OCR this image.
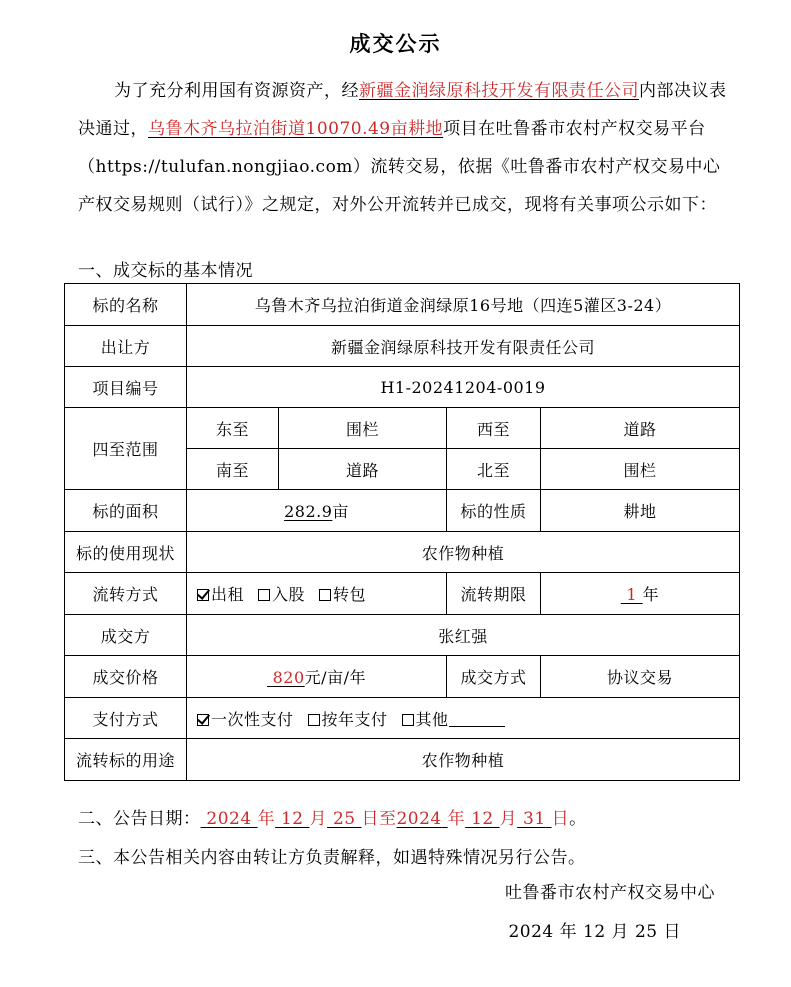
成交公示
为了充分利用国有资源资产，经新疆金润绿原科技开发有限责任公司内部决议表决通过，乌鲁木齐乌拉泊街道10070.49亩耕地项目在吐鲁番市农村产权交易平台（https://tulufan.nongjiao.com）流转交易，依据《吐鲁番市农村产权交易中心产权交易规则（试行）》之规定，对外公开流转并已成交，现将有关事项公示如下：
一、成交标的基本情况
标的名称	乌鲁木齐乌拉泊街道金润绿原16号地（四连5灌区3-24）			
出让方	新疆金润绿原科技开发有限责任公司			
项目编号	H1-20241204-0019			
四至范围	东至	围栏	西至	道路
	南至	道路	北至	围栏
标的面积	282.9亩		标的性质	耕地
标的使用现状	农作物种植			
流转方式	出租 入股 转包		流转期限	1 年
成交方	张红强			
成交价格	820元/亩/年		成交方式	协议交易
支付方式	一次性支付 按年支付 其他			
流转标的用途	农作物种植			
二、公告日期： 2024 年 12 月 25 日至2024 年 12 月 31 日。
三、本公告相关内容由转让方负责解释，如遇特殊情况另行公告。
吐鲁番市农村产权交易中心
2024 年 12 月 25 日
